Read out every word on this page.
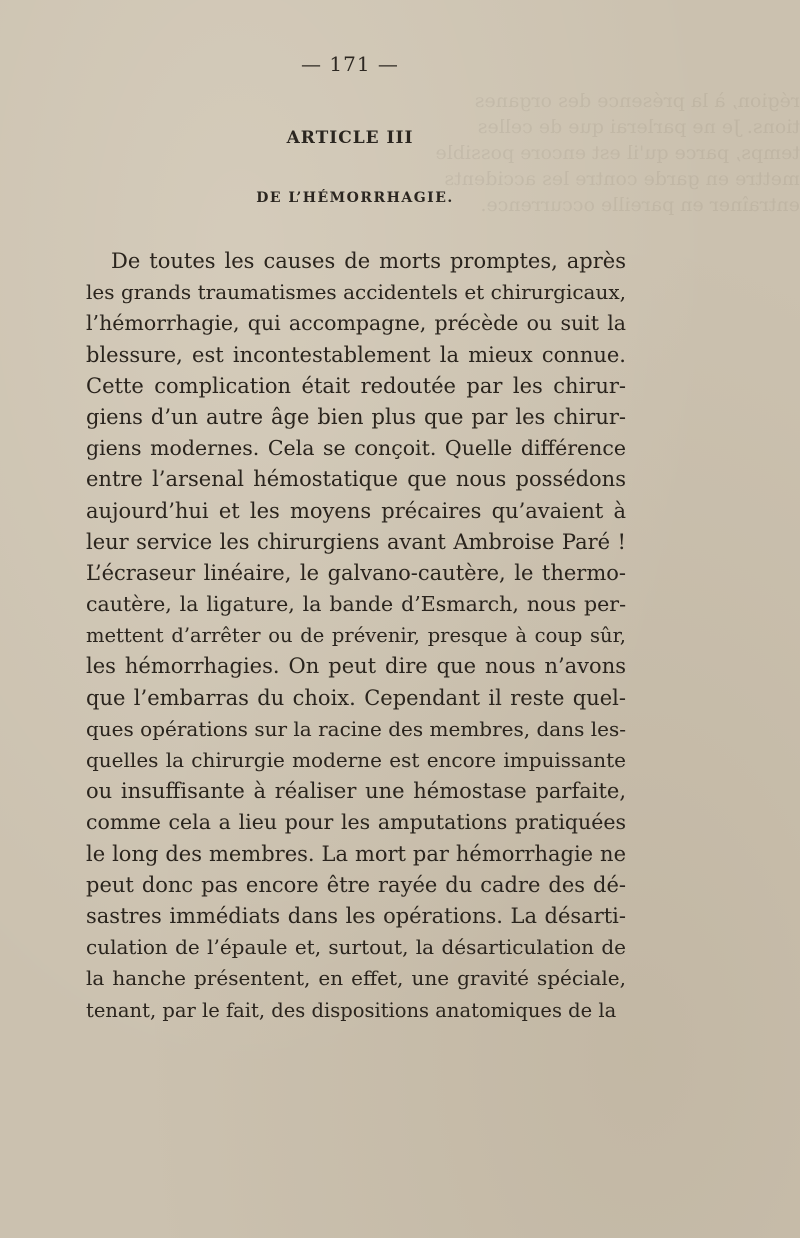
région, à la présence des organes
tions. Je ne parlerai que de celles
temps, parce qu'il est encore possible
mettre en garde contre les accidents
entraîner en pareille occurrence.
— 171 —
ARTICLE III
DE L’HÉMORRHAGIE.
De toutes les causes de morts promptes, après
les grands traumatismes accidentels et chirurgicaux,
l’hémorrhagie, qui accompagne, précède ou suit la
blessure, est incontestablement la mieux connue.
Cette complication était redoutée par les chirur-
giens d’un autre âge bien plus que par les chirur-
giens modernes. Cela se conçoit. Quelle différence
entre l’arsenal hémostatique que nous possédons
aujourd’hui et les moyens précaires qu’avaient à
leur service les chirurgiens avant Ambroise Paré !
L’écraseur linéaire, le galvano-cautère, le thermo-
cautère, la ligature, la bande d’Esmarch, nous per-
mettent d’arrêter ou de prévenir, presque à coup sûr,
les hémorrhagies. On peut dire que nous n’avons
que l’embarras du choix. Cependant il reste quel-
ques opérations sur la racine des membres, dans les-
quelles la chirurgie moderne est encore impuissante
ou insuffisante à réaliser une hémostase parfaite,
comme cela a lieu pour les amputations pratiquées
le long des membres. La mort par hémorrhagie ne
peut donc pas encore être rayée du cadre des dé-
sastres immédiats dans les opérations. La désarti-
culation de l’épaule et, surtout, la désarticulation de
la hanche présentent, en effet, une gravité spéciale,
tenant, par le fait, des dispositions anatomiques de la
